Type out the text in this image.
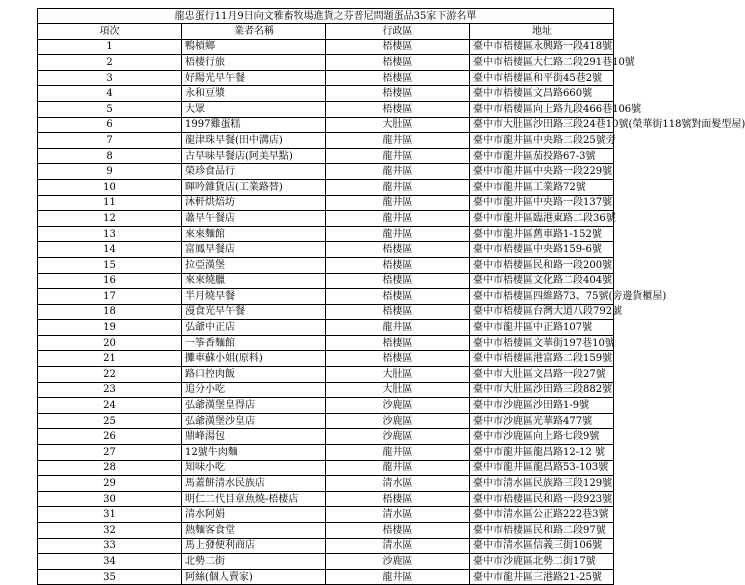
龍忠蛋行11月9日向文雅畜牧場進貨之芬普尼問題蛋品35家下游名單			
項次	業者名稱	行政區	地址
1	鴨槓鄉	梧棲區	臺中市梧棲區永興路一段418號
2	梧棲行旅	梧棲區	臺中市梧棲區大仁路二段291巷10號
3	好陽光早午餐	梧棲區	臺中市梧棲區和平街45巷2號
4	永和豆漿	梧棲區	臺中市梧棲區文昌路660號
5	大眾	梧棲區	臺中市梧棲區向上路九段466巷106號
6	1997雞蛋糕	大肚區	臺中市大肚區沙田路三段24巷10號(榮華街118號對面髮型屋)
7	龍津珠早餐(田中溝店)	龍井區	臺中市龍井區中央路二段25號旁
8	古早味早餐店(阿美早點)	龍井區	臺中市龍井區茄投路67-3號
9	榮珍食品行	龍井區	臺中市龍井區中央路一段229號
10	暉吟雜貨店(工業路替)	龍井區	臺中市龍井區工業路72號
11	沐軒烘焙坊	龍井區	臺中市龍井區中央路一段137號
12	蕭早午餐店	龍井區	臺中市龍井區臨港東路二段36號
13	來來麵館	龍井區	臺中市龍井區舊車路1-152號
14	富鳳早餐店	梧棲區	臺中市梧棲區中央路159-6號
15	拉亞漢堡	梧棲區	臺中市梧棲區民和路一段200號
16	來來燒臘	梧棲區	臺中市梧棲區文化路二段404號
17	半月燒早餐	梧棲區	臺中市梧棲區四維路73、75號(旁邊貨櫃屋)
18	漫食光早午餐	梧棲區	臺中市梧棲區台灣大道八段792號
19	弘爺中正店	龍井區	臺中市龍井區中正路107號
20	一筝香麵館	梧棲區	臺中市梧棲區文華街197巷10號
21	攤車蘇小姐(原料)	梧棲區	臺中市梧棲區港富路二段159號
22	路口控肉飯	大肚區	臺中市大肚區文昌路一段27號
23	追分小吃	大肚區	臺中市大肚區沙田路三段882號
24	弘爺漢堡皇得店	沙鹿區	臺中市沙鹿區沙田路1-9號
25	弘爺漢堡沙皇店	沙鹿區	臺中市沙鹿區光華路477號
26	鼎峰湯包	沙鹿區	臺中市沙鹿區向上路七段9號
27	12號牛肉麵	龍井區	臺中市龍井區龍昌路12-12 號
28	知味小吃	龍井區	臺中市龍井區龍昌路53-103號
29	馬蓋餅清水民族店	清水區	臺中市清水區民族路三段129號
30	明仁二代目章魚燒-梧棲店	梧棲區	臺中市梧棲區民和路一段923號
31	清水阿娟	清水區	臺中市清水區公正路222巷3號
32	熱麵客食堂	梧棲區	臺中市梧棲區民和路二段97號
33	馬上發便利商店	清水區	臺中市清水區信義三街106號
34	北勢二街	沙鹿區	臺中市沙鹿區北勢二街17號
35	阿絲(個人賣家)	龍井區	臺中市龍井區三港路21-25號
